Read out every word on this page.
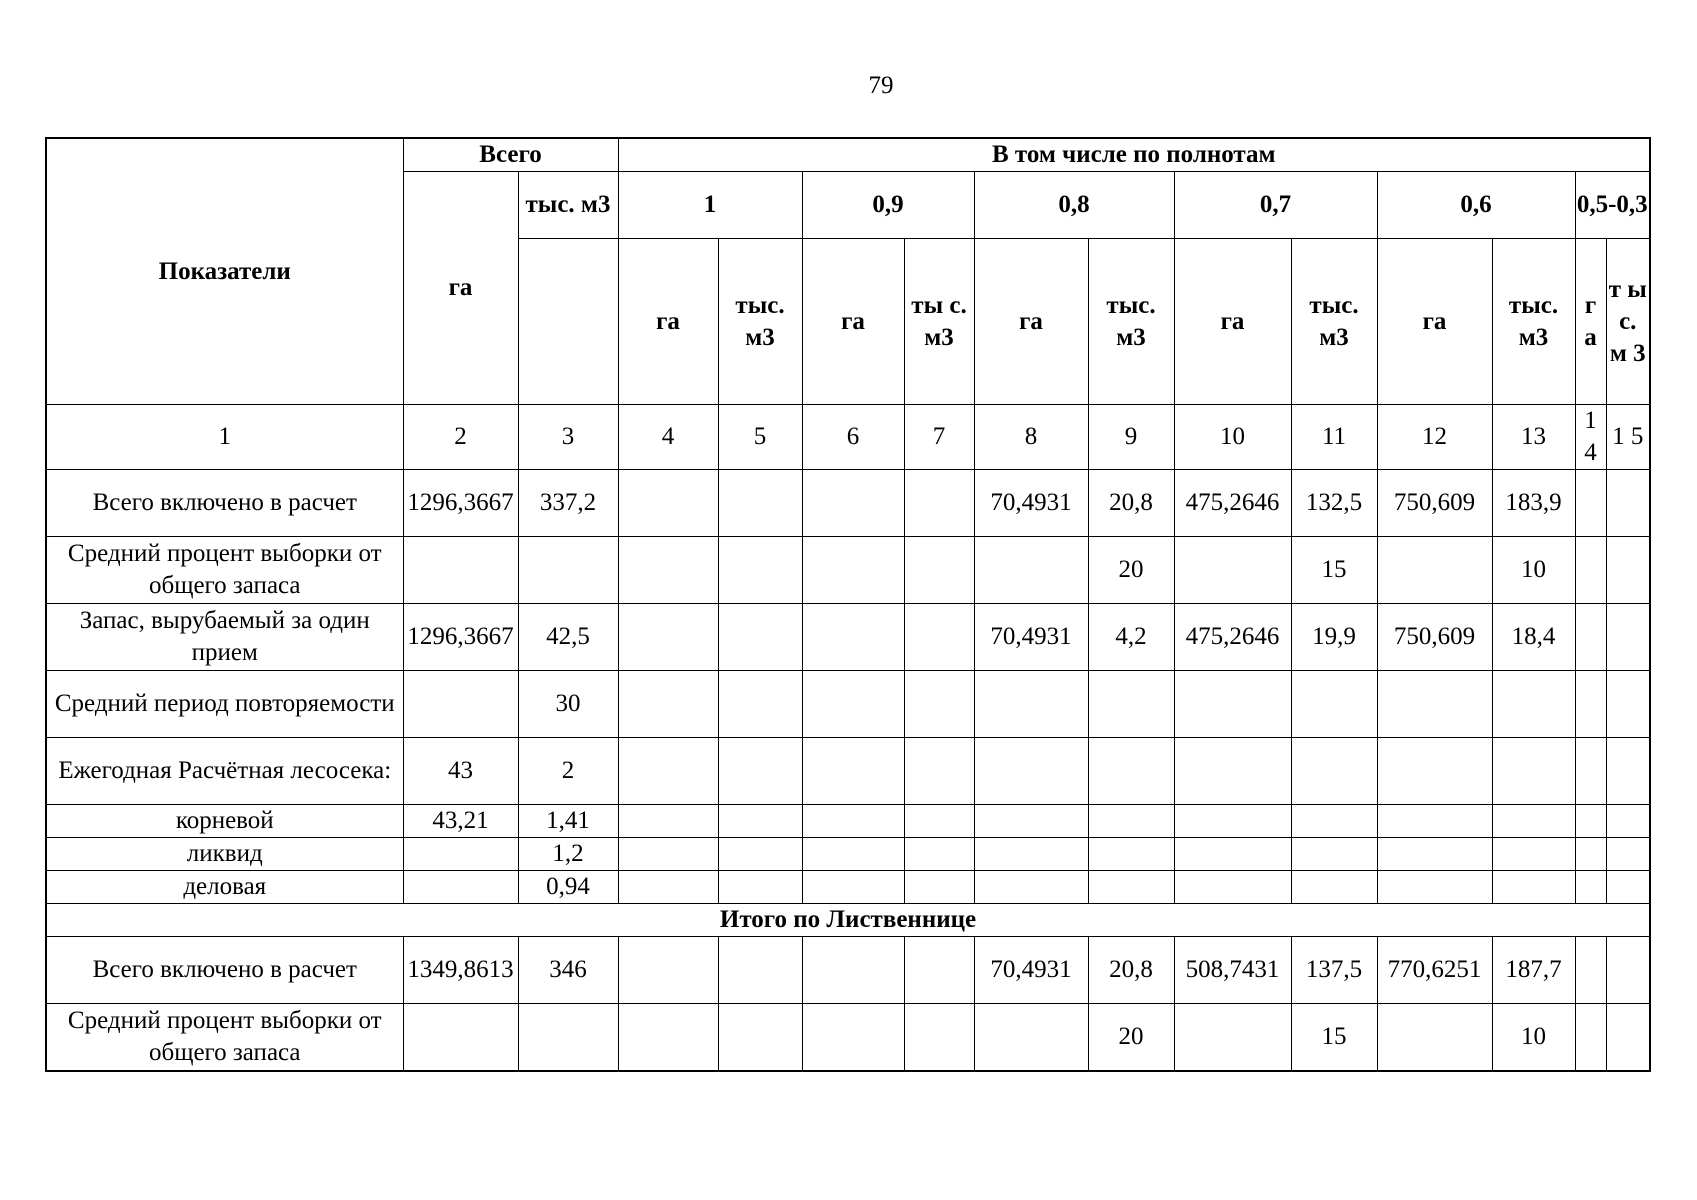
79
Показатели	Всего		В том числе по полнотам											
	га	тыс. м3	1		0,9		0,8		0,7		0,6		0,5-0,3	
			га	тыс. м3	га	ты с. м3	га	тыс. м3	га	тыс. м3	га	тыс. м3	г а	т ы с. м 3
1	2	3	4	5	6	7	8	9	10	11	12	13	1 4	1 5
Всего включено в расчет	1296,3667	337,2					70,4931	20,8	475,2646	132,5	750,609	183,9		
Средний процент выборки от общего запаса								20		15		10		
Запас, вырубаемый за один прием	1296,3667	42,5					70,4931	4,2	475,2646	19,9	750,609	18,4		
Средний период повторяемости		30												
Ежегодная Расчётная лесосека:	43	2												
корневой	43,21	1,41												
ликвид		1,2												
деловая		0,94												
Итого по Лиственнице														
Всего включено в расчет	1349,8613	346					70,4931	20,8	508,7431	137,5	770,6251	187,7		
Средний процент выборки от общего запаса								20		15		10		
